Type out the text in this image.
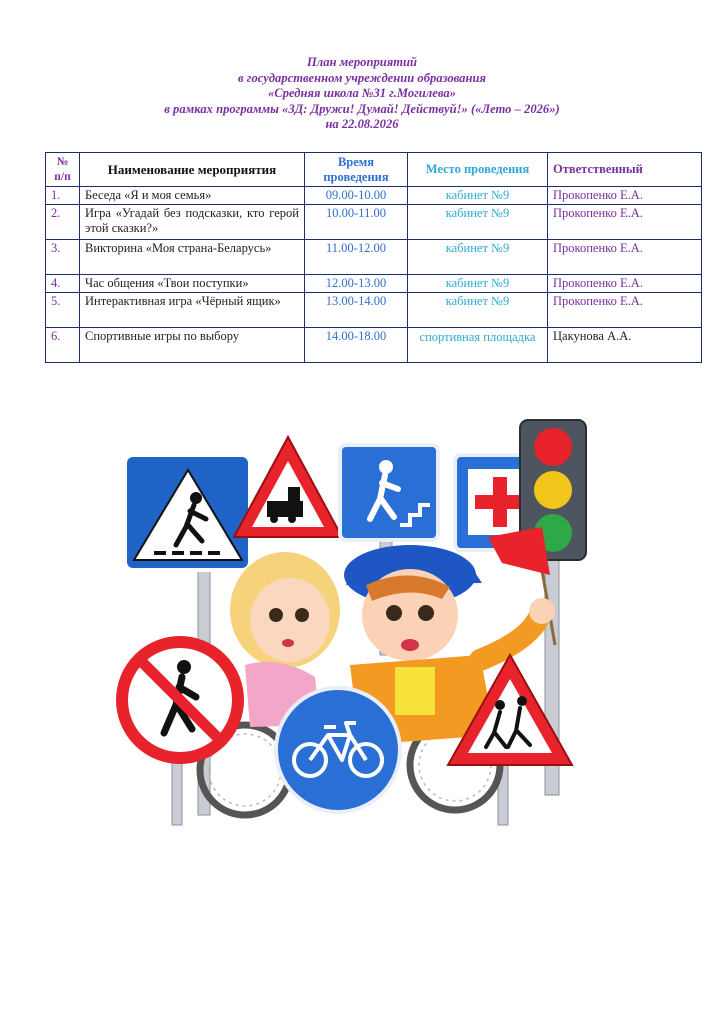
План мероприятий
в государственном учреждении образования
«Средняя школа №31 г.Могилева»
в рамках программы «3Д: Дружи! Думай! Действуй!» («Лето – 2026»)
на 22.08.2026
№ п/п	Наименование мероприятия	Время проведения	Место проведения	Ответственный
1.	Беседа «Я и моя семья»	09.00-10.00	кабинет №9	Прокопенко Е.А.
2.	Игра «Угадай без подсказки, кто герой этой сказки?»	10.00-11.00	кабинет №9	Прокопенко Е.А.
3.	Викторина «Моя страна-Беларусь»	11.00-12.00	кабинет №9	Прокопенко Е.А.
4.	Час общения «Твои поступки»	12.00-13.00	кабинет №9	Прокопенко Е.А.
5.	Интерактивная игра «Чёрный ящик»	13.00-14.00	кабинет №9	Прокопенко Е.А.
6.	Спортивные игры по выбору	14.00-18.00	спортивная площадка	Цакунова А.А.
